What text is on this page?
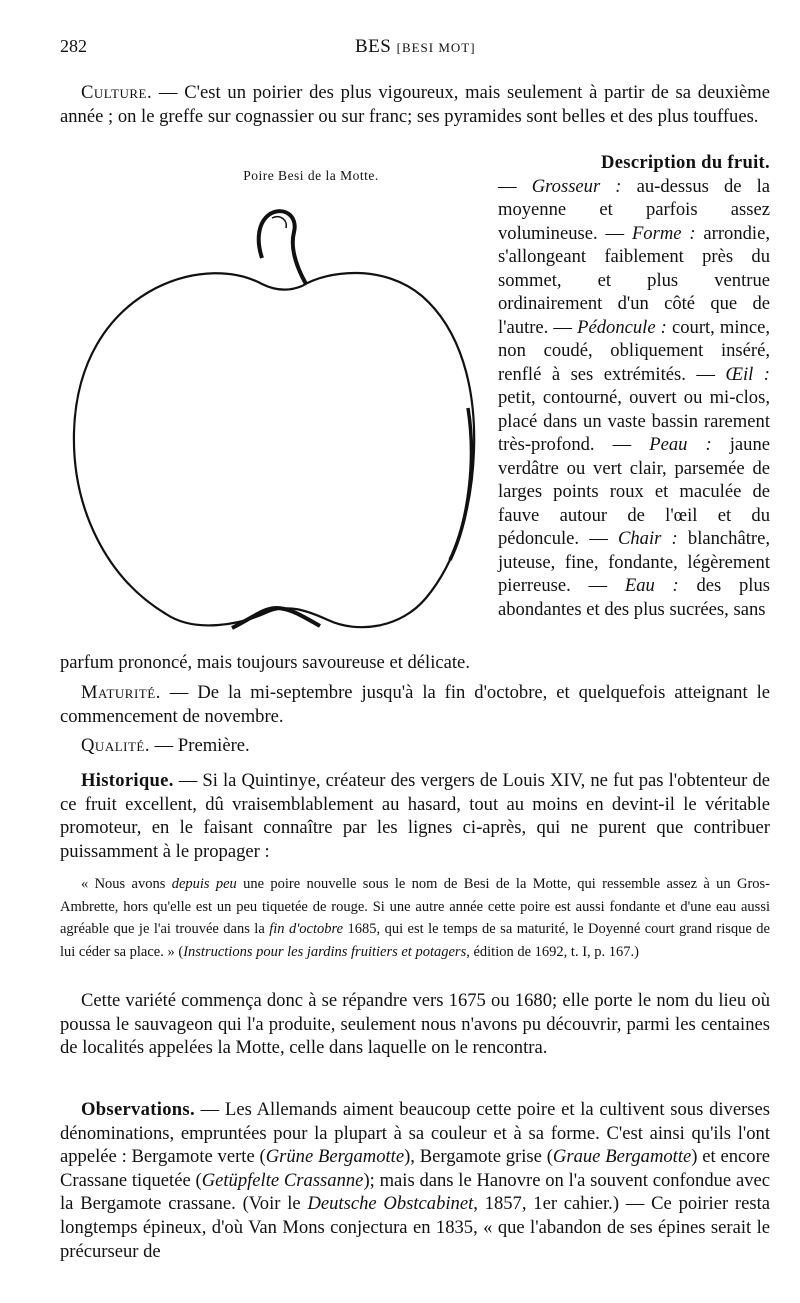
282	BES [BESI MOT]

Culture. — C'est un poirier des plus vigoureux, mais seulement à partir de sa deuxième année ; on le greffe sur cognassier ou sur franc; ses pyramides sont belles et des plus touffues.

Poire Besi de la Motte.

Description du fruit.
— Grosseur : au-dessus de la moyenne et parfois assez volumineuse. — Forme : arrondie, s'allongeant faiblement près du sommet, et plus ventrue ordinairement d'un côté que de l'autre. — Pédoncule : court, mince, non coudé, obliquement inséré, renflé à ses extrémités. — Œil : petit, contourné, ouvert ou mi-clos, placé dans un vaste bassin rarement très-profond. — Peau : jaune verdâtre ou vert clair, parsemée de larges points roux et maculée de fauve autour de l'œil et du pédoncule. — Chair : blanchâtre, juteuse, fine, fondante, légèrement pierreuse. — Eau : des plus abondantes et des plus sucrées, sans

parfum prononcé, mais toujours savoureuse et délicate.

Maturité. — De la mi-septembre jusqu'à la fin d'octobre, et quelquefois atteignant le commencement de novembre.

Qualité. — Première.

Historique. — Si la Quintinye, créateur des vergers de Louis XIV, ne fut pas l'obtenteur de ce fruit excellent, dû vraisemblablement au hasard, tout au moins en devint-il le véritable promoteur, en le faisant connaître par les lignes ci-après, qui ne purent que contribuer puissamment à le propager :

« Nous avons depuis peu une poire nouvelle sous le nom de Besi de la Motte, qui ressemble assez à un Gros-Ambrette, hors qu'elle est un peu tiquetée de rouge. Si une autre année cette poire est aussi fondante et d'une eau aussi agréable que je l'ai trouvée dans la fin d'octobre 1685, qui est le temps de sa maturité, le Doyenné court grand risque de lui céder sa place. » (Instructions pour les jardins fruitiers et potagers, édition de 1692, t. I, p. 167.)

Cette variété commença donc à se répandre vers 1675 ou 1680; elle porte le nom du lieu où poussa le sauvageon qui l'a produite, seulement nous n'avons pu découvrir, parmi les centaines de localités appelées la Motte, celle dans laquelle on le rencontra.

Observations. — Les Allemands aiment beaucoup cette poire et la cultivent sous diverses dénominations, empruntées pour la plupart à sa couleur et à sa forme. C'est ainsi qu'ils l'ont appelée : Bergamote verte (Grüne Bergamotte), Bergamote grise (Graue Bergamotte) et encore Crassane tiquetée (Getüpfelte Crassanne); mais dans le Hanovre on l'a souvent confondue avec la Bergamote crassane. (Voir le Deutsche Obstcabinet, 1857, 1er cahier.) — Ce poirier resta longtemps épineux, d'où Van Mons conjectura en 1835, « que l'abandon de ses épines serait le précurseur de
